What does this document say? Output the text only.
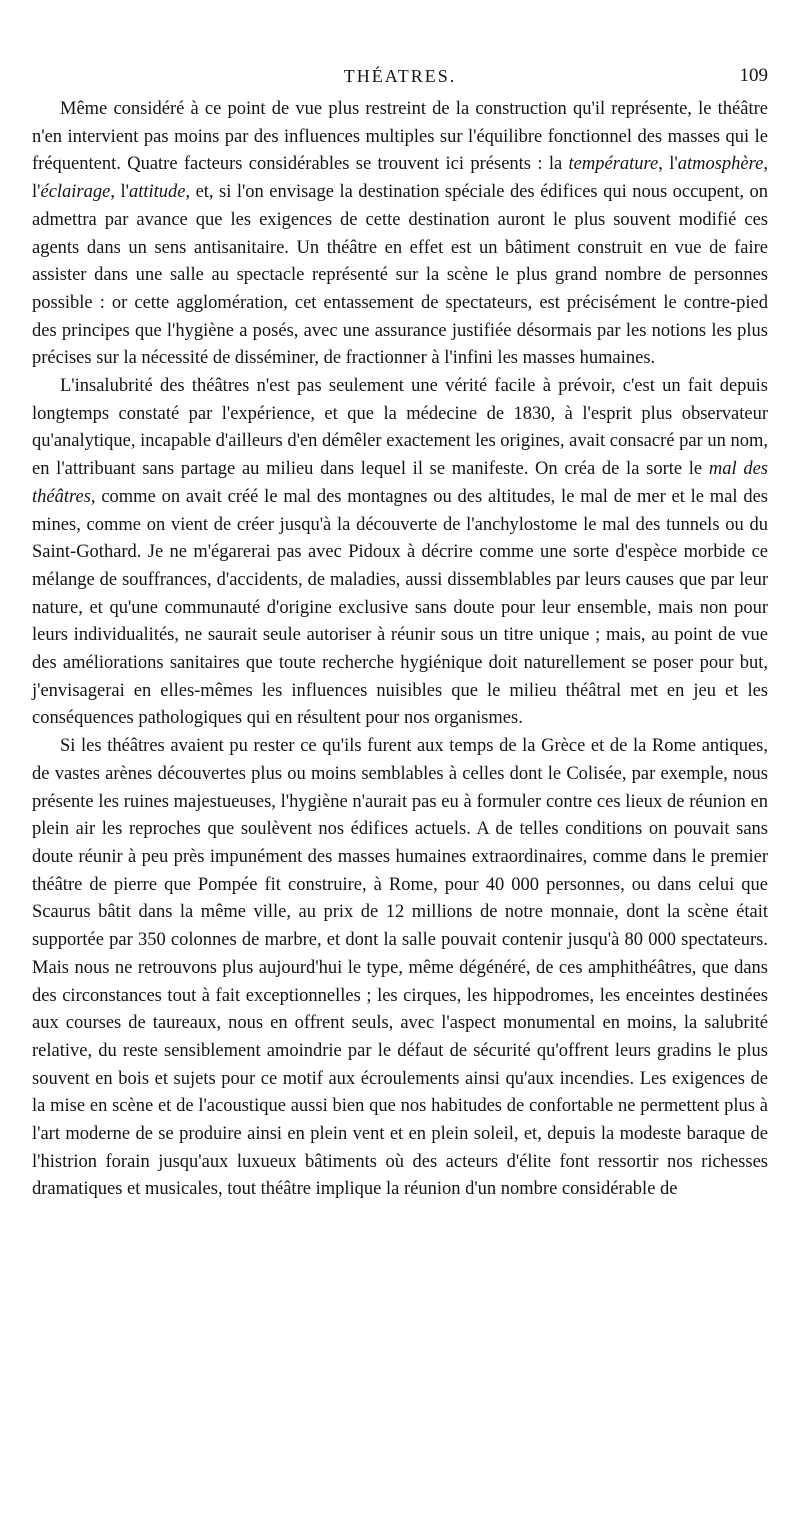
THÉATRES.	109

Même considéré à ce point de vue plus restreint de la construction qu'il représente, le théâtre n'en intervient pas moins par des influences multiples sur l'équilibre fonctionnel des masses qui le fréquentent. Quatre facteurs considérables se trouvent ici présents : la température, l'atmosphère, l'éclairage, l'attitude, et, si l'on envisage la destination spéciale des édifices qui nous occupent, on admettra par avance que les exigences de cette destination auront le plus souvent modifié ces agents dans un sens antisanitaire. Un théâtre en effet est un bâtiment construit en vue de faire assister dans une salle au spectacle représenté sur la scène le plus grand nombre de personnes possible : or cette agglomération, cet entassement de spectateurs, est précisément le contre-pied des principes que l'hygiène a posés, avec une assurance justifiée désormais par les notions les plus précises sur la nécessité de disséminer, de fractionner à l'infini les masses humaines.

L'insalubrité des théâtres n'est pas seulement une vérité facile à prévoir, c'est un fait depuis longtemps constaté par l'expérience, et que la médecine de 1830, à l'esprit plus observateur qu'analytique, incapable d'ailleurs d'en démêler exactement les origines, avait consacré par un nom, en l'attribuant sans partage au milieu dans lequel il se manifeste. On créa de la sorte le mal des théâtres, comme on avait créé le mal des montagnes ou des altitudes, le mal de mer et le mal des mines, comme on vient de créer jusqu'à la découverte de l'anchylostome le mal des tunnels ou du Saint-Gothard. Je ne m'égarerai pas avec Pidoux à décrire comme une sorte d'espèce morbide ce mélange de souffrances, d'accidents, de maladies, aussi dissemblables par leurs causes que par leur nature, et qu'une communauté d'origine exclusive sans doute pour leur ensemble, mais non pour leurs individualités, ne saurait seule autoriser à réunir sous un titre unique ; mais, au point de vue des améliorations sanitaires que toute recherche hygiénique doit naturellement se poser pour but, j'envisagerai en elles-mêmes les influences nuisibles que le milieu théâtral met en jeu et les conséquences pathologiques qui en résultent pour nos organismes.

Si les théâtres avaient pu rester ce qu'ils furent aux temps de la Grèce et de la Rome antiques, de vastes arènes découvertes plus ou moins semblables à celles dont le Colisée, par exemple, nous présente les ruines majestueuses, l'hygiène n'aurait pas eu à formuler contre ces lieux de réunion en plein air les reproches que soulèvent nos édifices actuels. A de telles conditions on pouvait sans doute réunir à peu près impunément des masses humaines extraordinaires, comme dans le premier théâtre de pierre que Pompée fit construire, à Rome, pour 40 000 personnes, ou dans celui que Scaurus bâtit dans la même ville, au prix de 12 millions de notre monnaie, dont la scène était supportée par 350 colonnes de marbre, et dont la salle pouvait contenir jusqu'à 80 000 spectateurs. Mais nous ne retrouvons plus aujourd'hui le type, même dégénéré, de ces amphithéâtres, que dans des circonstances tout à fait exceptionnelles ; les cirques, les hippodromes, les enceintes destinées aux courses de taureaux, nous en offrent seuls, avec l'aspect monumental en moins, la salubrité relative, du reste sensiblement amoindrie par le défaut de sécurité qu'offrent leurs gradins le plus souvent en bois et sujets pour ce motif aux écroulements ainsi qu'aux incendies. Les exigences de la mise en scène et de l'acoustique aussi bien que nos habitudes de confortable ne permettent plus à l'art moderne de se produire ainsi en plein vent et en plein soleil, et, depuis la modeste baraque de l'histrion forain jusqu'aux luxueux bâtiments où des acteurs d'élite font ressortir nos richesses dramatiques et musicales, tout théâtre implique la réunion d'un nombre considérable de
